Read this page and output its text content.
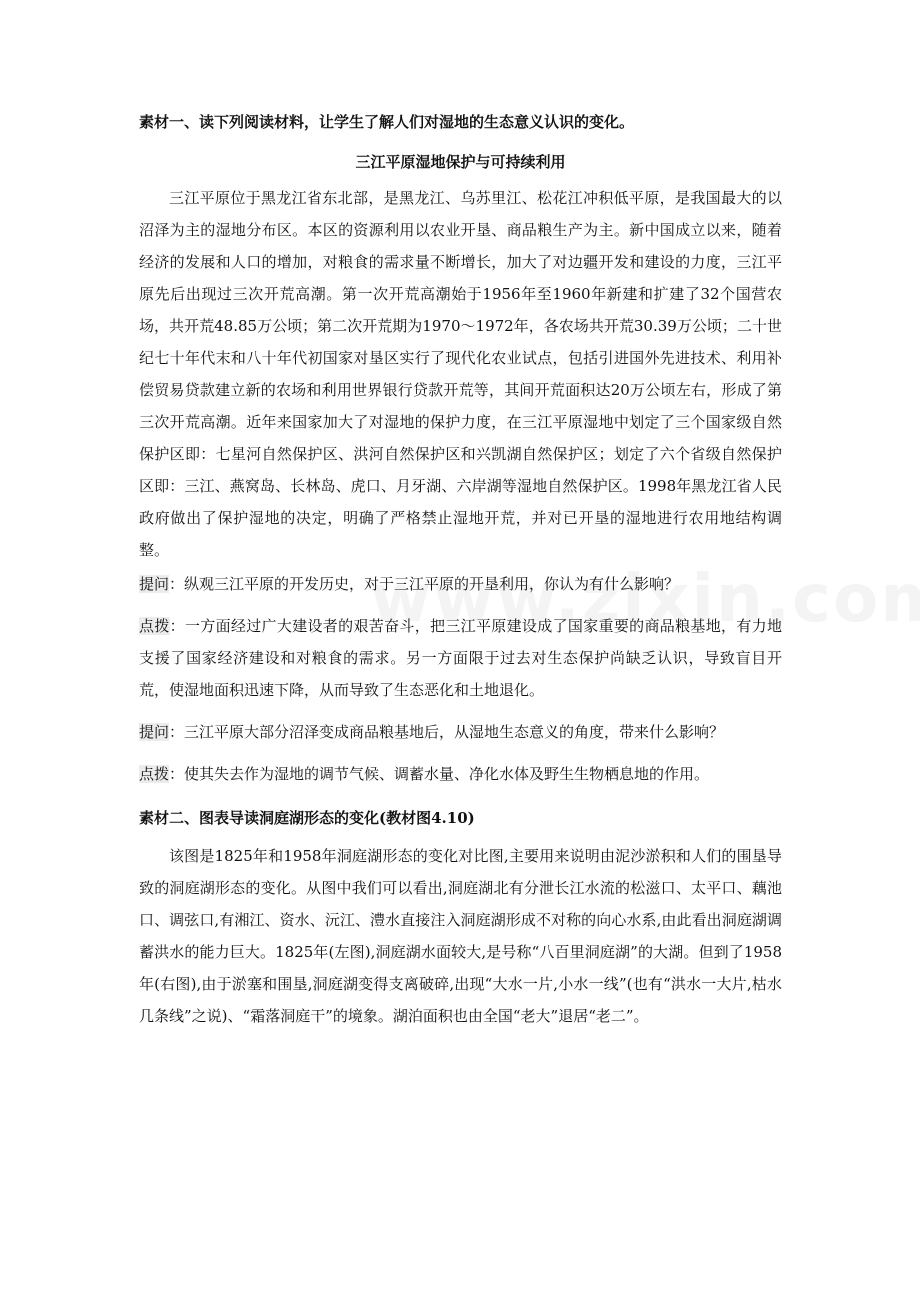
素材一、读下列阅读材料，让学生了解人们对湿地的生态意义认识的变化。

三江平原湿地保护与可持续利用

三江平原位于黑龙江省东北部，是黑龙江、乌苏里江、松花江冲积低平原，是我国最大的以沼泽为主的湿地分布区。本区的资源利用以农业开垦、商品粮生产为主。新中国成立以来，随着经济的发展和人口的增加，对粮食的需求量不断增长，加大了对边疆开发和建设的力度，三江平原先后出现过三次开荒高潮。第一次开荒高潮始于1956年至1960年新建和扩建了32个国营农场，共开荒48.85万公顷；第二次开荒期为1970～1972年，各农场共开荒30.39万公顷；二十世纪七十年代末和八十年代初国家对垦区实行了现代化农业试点，包括引进国外先进技术、利用补偿贸易贷款建立新的农场和利用世界银行贷款开荒等，其间开荒面积达20万公顷左右，形成了第三次开荒高潮。近年来国家加大了对湿地的保护力度，在三江平原湿地中划定了三个国家级自然保护区即：七星河自然保护区、洪河自然保护区和兴凯湖自然保护区；划定了六个省级自然保护区即：三江、燕窝岛、长林岛、虎口、月牙湖、六岸湖等湿地自然保护区。1998年黑龙江省人民政府做出了保护湿地的决定，明确了严格禁止湿地开荒，并对已开垦的湿地进行农用地结构调整。

提问：纵观三江平原的开发历史，对于三江平原的开垦利用，你认为有什么影响？

点拨：一方面经过广大建设者的艰苦奋斗，把三江平原建设成了国家重要的商品粮基地，有力地支援了国家经济建设和对粮食的需求。另一方面限于过去对生态保护尚缺乏认识，导致盲目开荒，使湿地面积迅速下降，从而导致了生态恶化和土地退化。

提问：三江平原大部分沼泽变成商品粮基地后，从湿地生态意义的角度，带来什么影响？

点拨：使其失去作为湿地的调节气候、调蓄水量、净化水体及野生生物栖息地的作用。

素材二、图表导读洞庭湖形态的变化(教材图4.10)

该图是1825年和1958年洞庭湖形态的变化对比图,主要用来说明由泥沙淤积和人们的围垦导致的洞庭湖形态的变化。从图中我们可以看出,洞庭湖北有分泄长江水流的松滋口、太平口、藕池口、调弦口,有湘江、资水、沅江、澧水直接注入洞庭湖形成不对称的向心水系,由此看出洞庭湖调蓄洪水的能力巨大。1825年(左图),洞庭湖水面较大,是号称“八百里洞庭湖”的大湖。但到了1958年(右图),由于淤塞和围垦,洞庭湖变得支离破碎,出现“大水一片,小水一线”(也有“洪水一大片,枯水几条线”之说)、“霜落洞庭干”的境象。湖泊面积也由全国“老大”退居“老二”。
